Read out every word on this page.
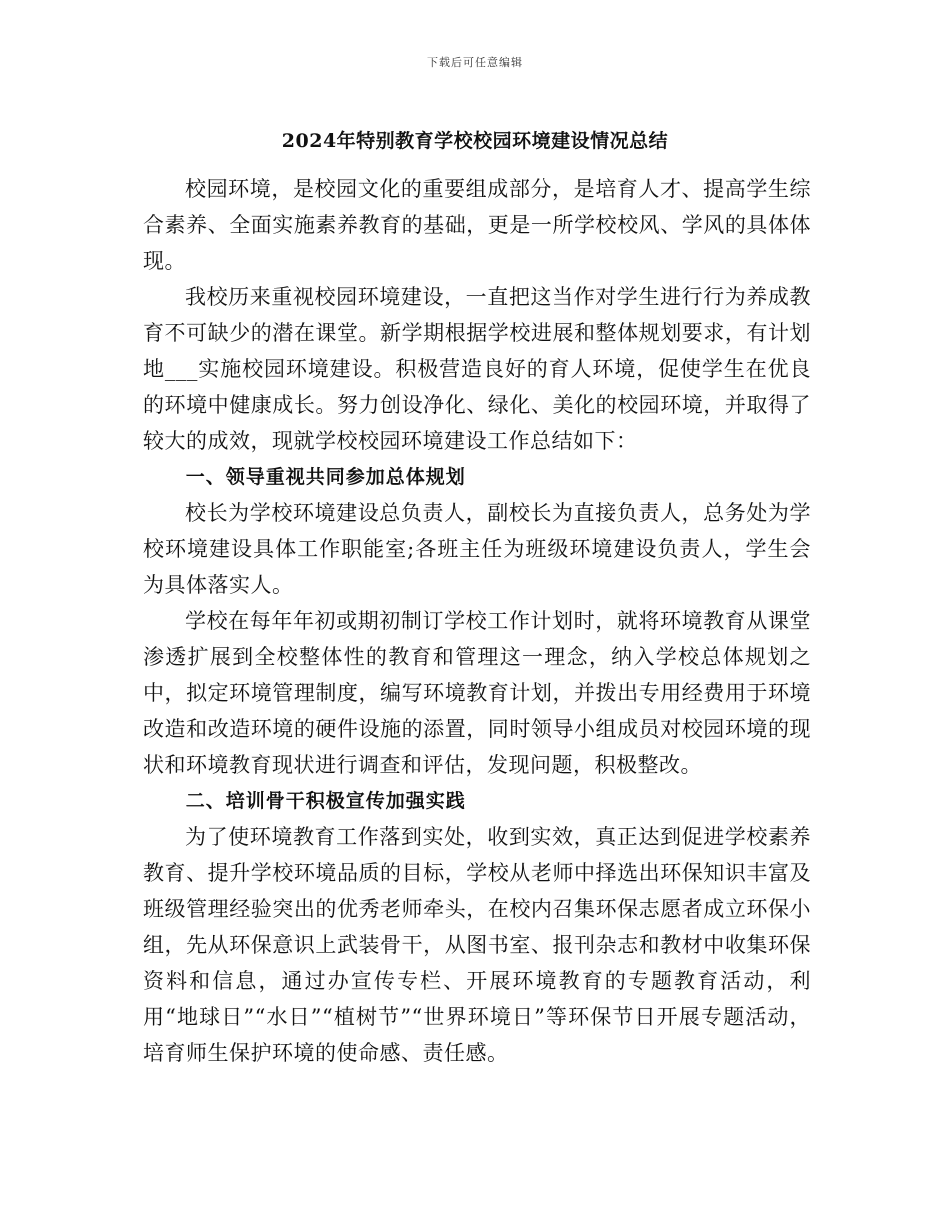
下载后可任意编辑
2024年特别教育学校校园环境建设情况总结

校园环境，是校园文化的重要组成部分，是培育人才、提高学生综合素养、全面实施素养教育的基础，更是一所学校校风、学风的具体体现。

我校历来重视校园环境建设，一直把这当作对学生进行行为养成教育不可缺少的潜在课堂。新学期根据学校进展和整体规划要求，有计划地___实施校园环境建设。积极营造良好的育人环境，促使学生在优良的环境中健康成长。努力创设净化、绿化、美化的校园环境，并取得了较大的成效，现就学校校园环境建设工作总结如下：

一、领导重视共同参加总体规划

校长为学校环境建设总负责人，副校长为直接负责人，总务处为学校环境建设具体工作职能室;各班主任为班级环境建设负责人，学生会为具体落实人。

学校在每年年初或期初制订学校工作计划时，就将环境教育从课堂渗透扩展到全校整体性的教育和管理这一理念，纳入学校总体规划之中，拟定环境管理制度，编写环境教育计划，并拨出专用经费用于环境改造和改造环境的硬件设施的添置，同时领导小组成员对校园环境的现状和环境教育现状进行调查和评估，发现问题，积极整改。

二、培训骨干积极宣传加强实践

为了使环境教育工作落到实处，收到实效，真正达到促进学校素养教育、提升学校环境品质的目标，学校从老师中择选出环保知识丰富及班级管理经验突出的优秀老师牵头，在校内召集环保志愿者成立环保小组，先从环保意识上武装骨干，从图书室、报刊杂志和教材中收集环保资料和信息，通过办宣传专栏、开展环境教育的专题教育活动，利用“地球日”“水日”“植树节”“世界环境日”等环保节日开展专题活动，培育师生保护环境的使命感、责任感。
